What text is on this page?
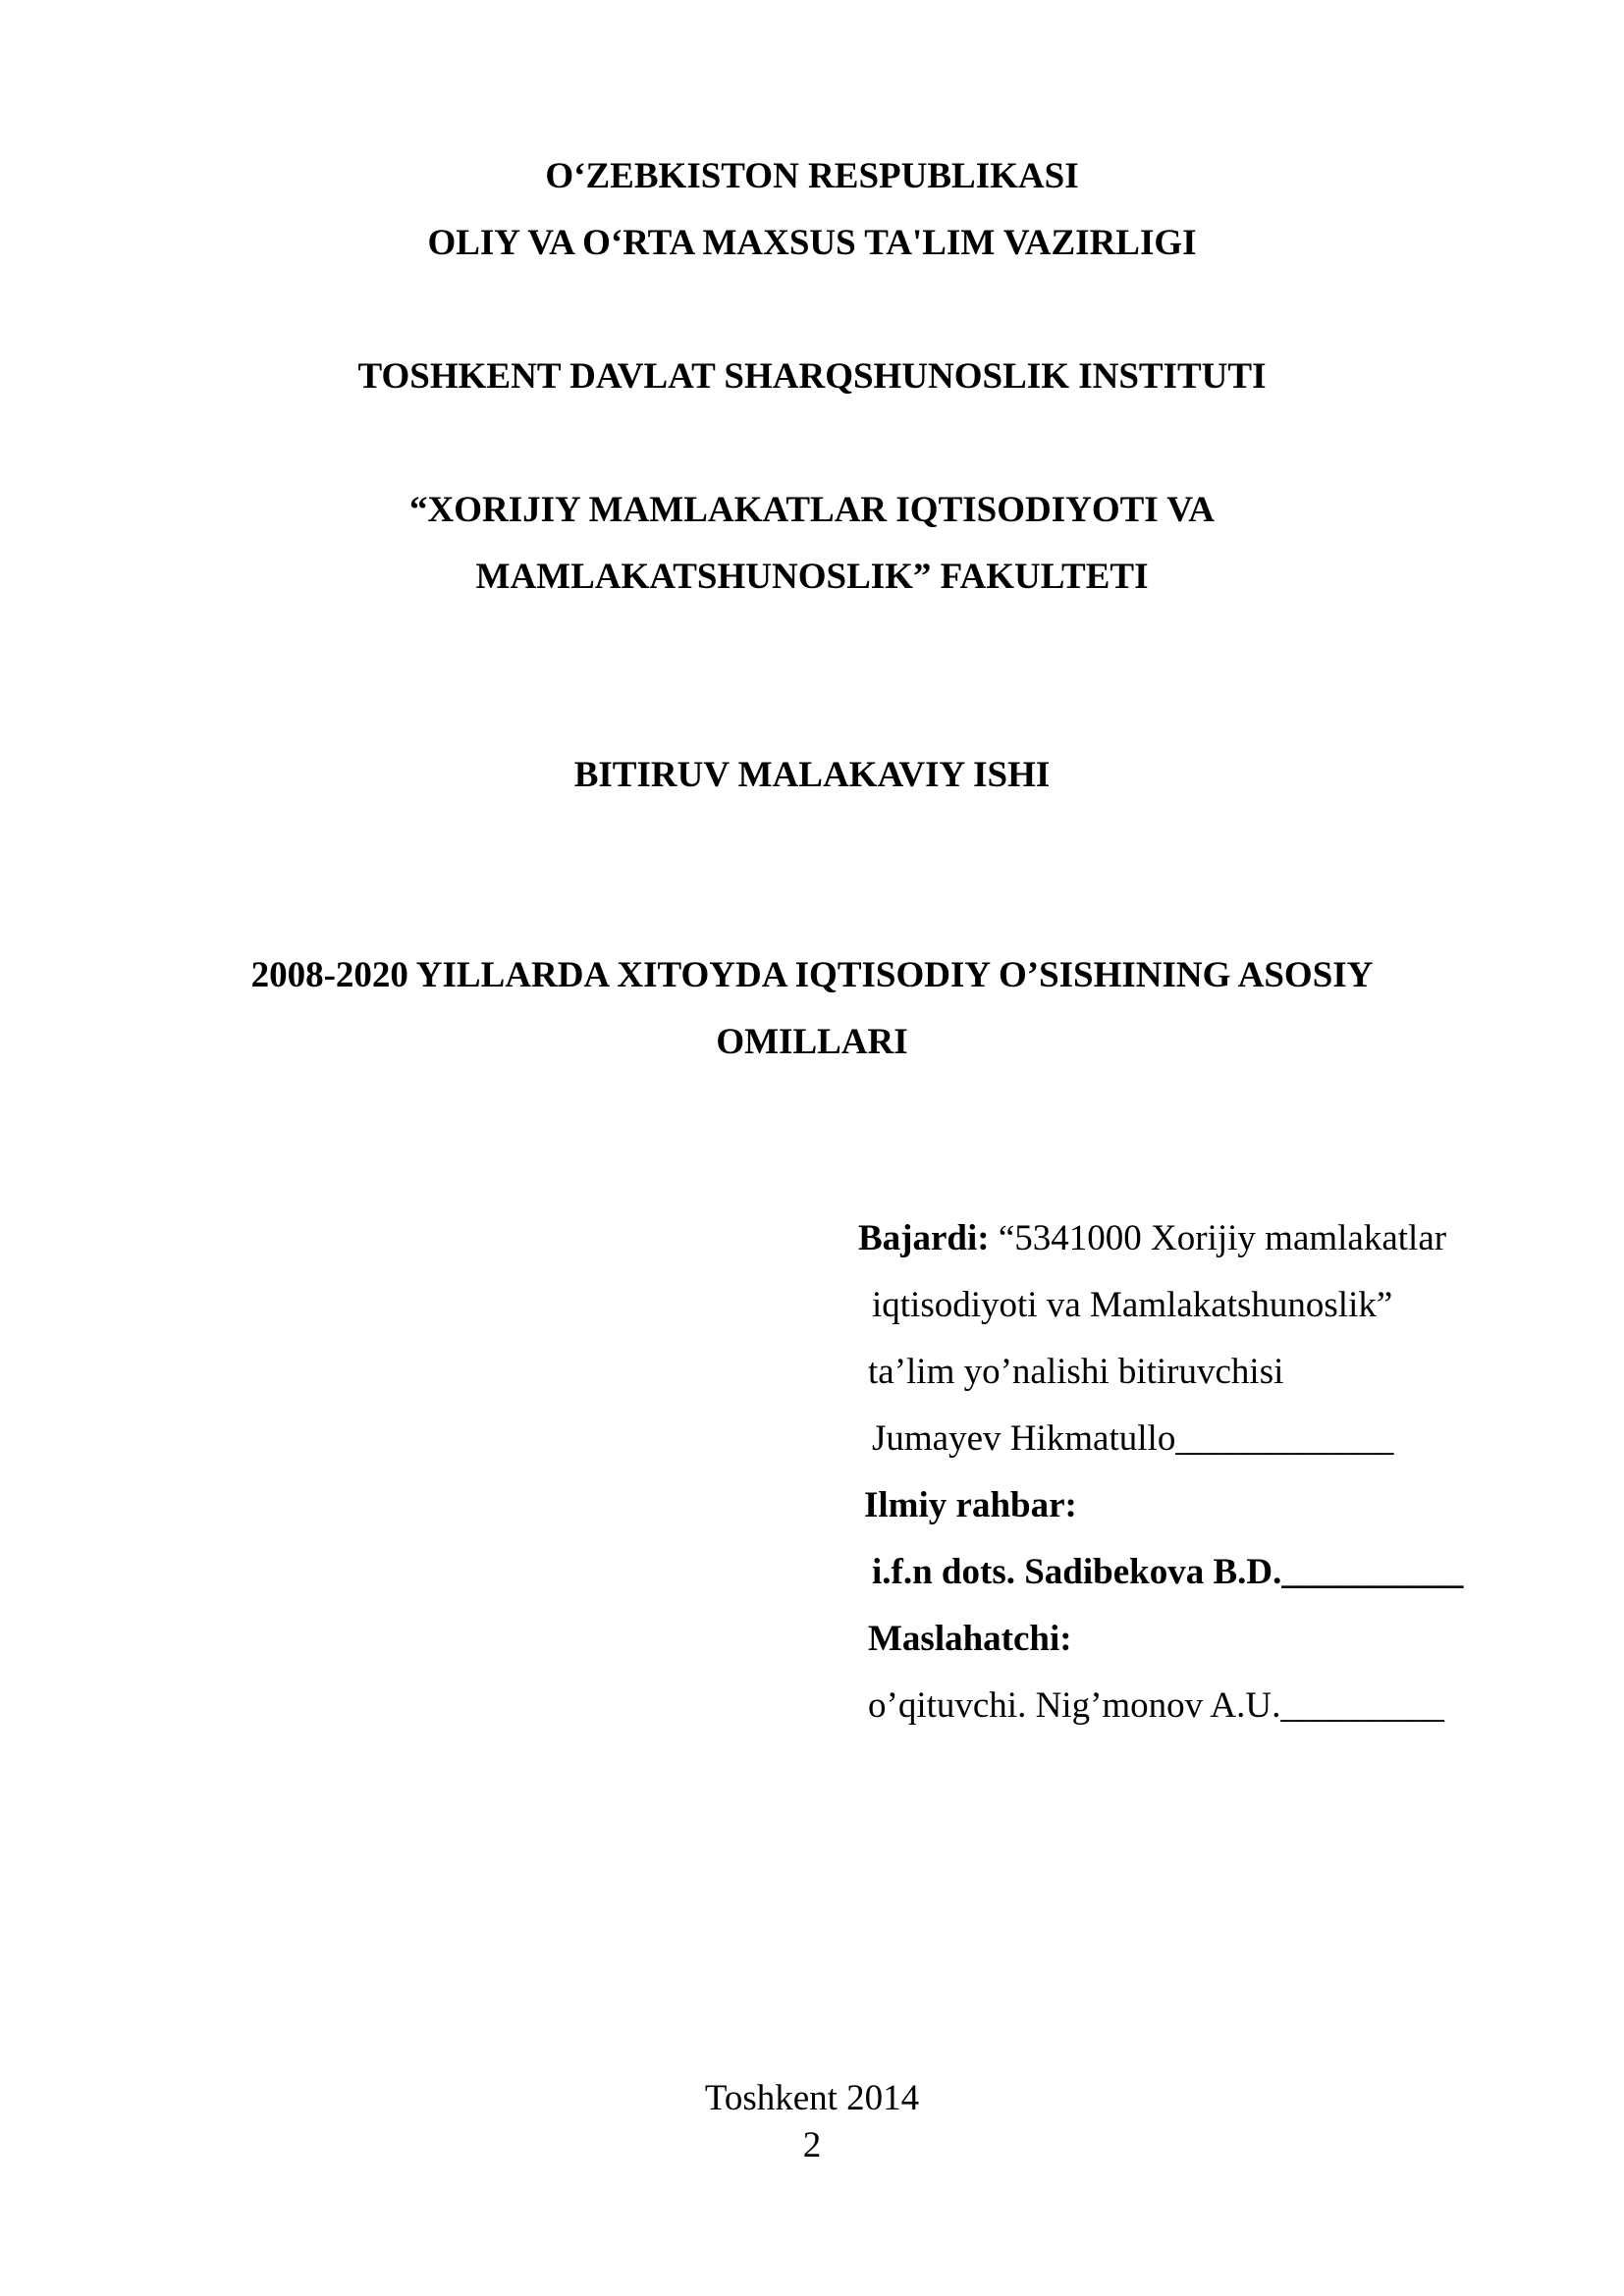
O‘ZEBKISTON RESPUBLIKASI
OLIY VA O‘RTA MAXSUS TA'LIM VAZIRLIGI
TOSHKENT DAVLAT SHARQSHUNOSLIK INSTITUTI
“XORIJIY MAMLAKATLAR IQTISODIYOTI VA
MAMLAKATSHUNOSLIK” FAKULTETI
BITIRUV MALAKAVIY ISHI
2008-2020 YILLARDA XITOYDA IQTISODIY O’SISHINING ASOSIY
OMILLARI
Bajardi: “5341000 Xorijiy mamlakatlar
iqtisodiyoti va Mamlakatshunoslik”
ta’lim yo’nalishi bitiruvchisi
Jumayev Hikmatullo____________
Ilmiy rahbar:
i.f.n dots. Sadibekova B.D.__________
Maslahatchi:
o’qituvchi. Nig’monov A.U._________
Toshkent 2014
2
